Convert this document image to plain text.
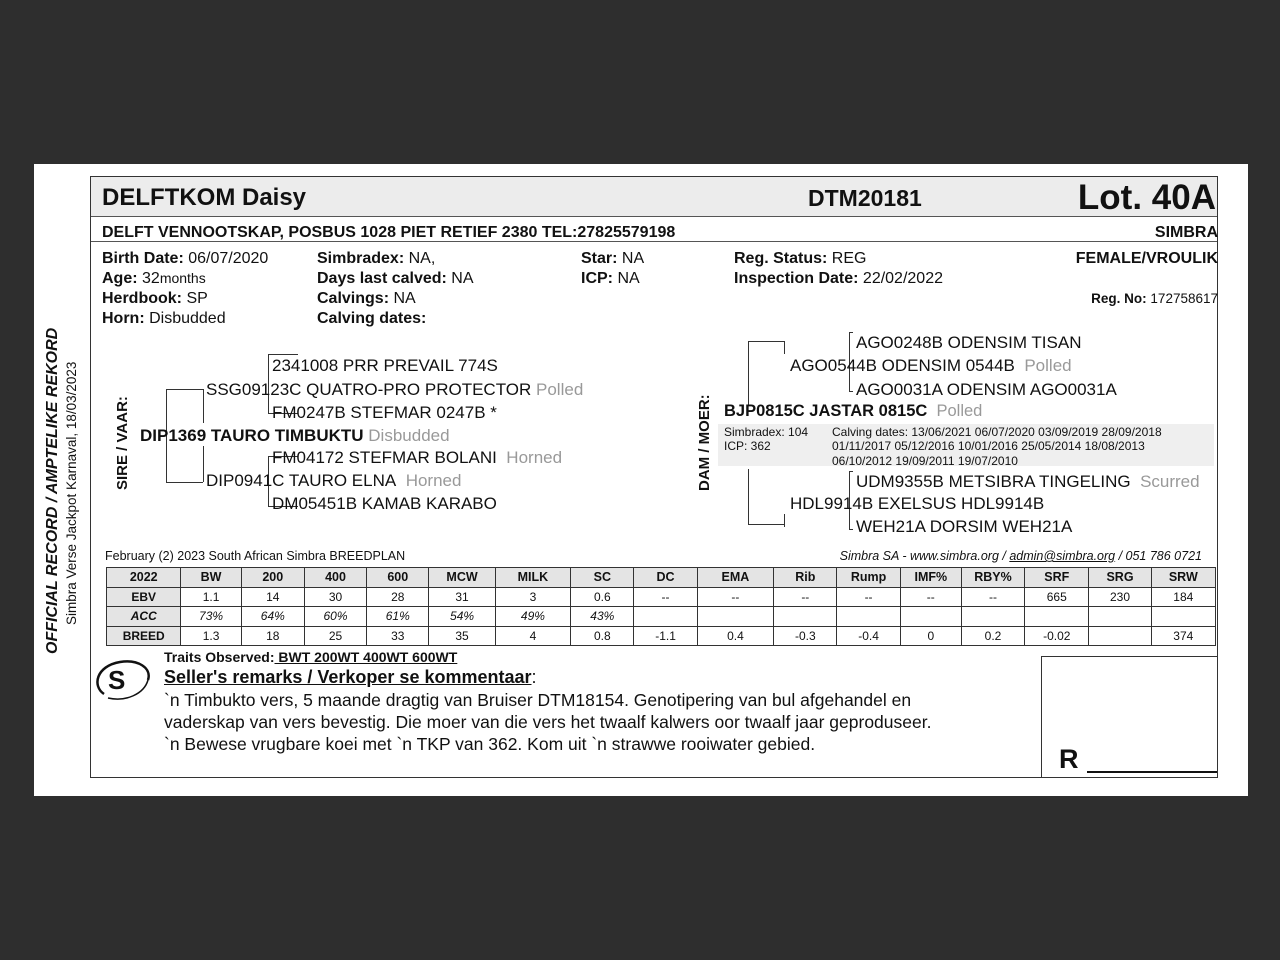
DELFTKOM Daisy	DTM20181	Lot. 40A
DELFT VENNOOTSKAP, POSBUS 1028 PIET RETIEF 2380 TEL:27825579198	SIMBRA
Birth Date: 06/07/2020
Age: 32months
Herdbook: SP
Horn: Disbudded
Simbradex: NA,
Days last calved: NA
Calvings: NA
Calving dates:
Star: NA
ICP: NA
Reg. Status: REG
Inspection Date: 22/02/2022
FEMALE/VROULIK
Reg. No: 172758617
OFFICIAL RECORD / AMPTELIKE REKORD Simbra Verse Jackpot Karnaval, 18/03/2023 SIRE / VAAR:	DAM / MOER:
2341008 PRR PREVAIL 774S
SSG09123C QUATRO-PRO PROTECTOR Polled
FM0247B STEFMAR 0247B *
DIP1369 TAURO TIMBUKTU Disbudded
FM04172 STEFMAR BOLANI Horned
DIP0941C TAURO ELNA Horned
DM05451B KAMAB KARABO
AGO0248B ODENSIM TISAN
AGO0544B ODENSIM 0544B Polled
AGO0031A ODENSIM AGO0031A
BJP0815C JASTAR 0815C Polled
Simbradex: 104
ICP: 362
Calving dates: 13/06/2021 06/07/2020 03/09/2019 28/09/2018
01/11/2017 05/12/2016 10/01/2016 25/05/2014 18/08/2013
06/10/2012 19/09/2011 19/07/2010
UDM9355B METSIBRA TINGELING Scurred
HDL9914B EXELSUS HDL9914B
WEH21A DORSIM WEH21A
February (2) 2023 South African Simbra BREEDPLAN	Simbra SA - www.simbra.org / admin@simbra.org / 051 786 0721
2022	BW	200	400	600	MCW	MILK	SC	DC	EMA	Rib	Rump	IMF%	RBY%	SRF	SRG	SRW
EBV	1.1	14	30	28	31	3	0.6	--	--	--	--	--	--	665	230	184
ACC	73%	64%	60%	61%	54%	49%	43%									
BREED	1.3	18	25	33	35	4	0.8	-1.1	0.4	-0.3	-0.4	0	0.2	-0.02		374
S
Traits Observed: BWT 200WT 400WT 600WT
Seller's remarks / Verkoper se kommentaar:
`n Timbukto vers, 5 maande dragtig van Bruiser DTM18154. Genotipering van bul afgehandel en
vaderskap van vers bevestig. Die moer van die vers het twaalf kalwers oor twaalf jaar geproduseer.
`n Bewese vrugbare koei met `n TKP van 362. Kom uit `n strawwe rooiwater gebied.	R
